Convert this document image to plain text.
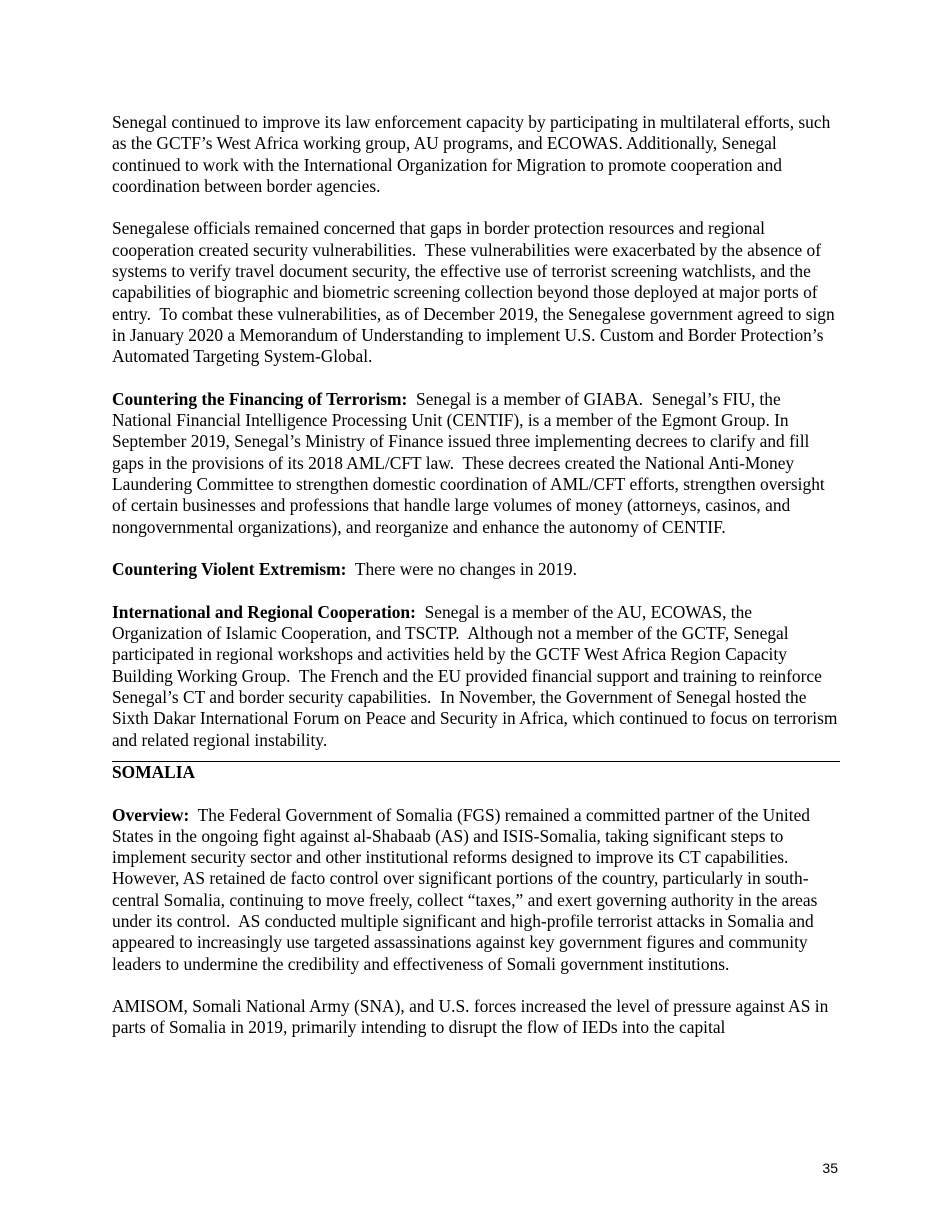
Senegal continued to improve its law enforcement capacity by participating in multilateral efforts, such as the GCTF’s West Africa working group, AU programs, and ECOWAS. Additionally, Senegal continued to work with the International Organization for Migration to promote cooperation and coordination between border agencies.

Senegalese officials remained concerned that gaps in border protection resources and regional cooperation created security vulnerabilities.  These vulnerabilities were exacerbated by the absence of systems to verify travel document security, the effective use of terrorist screening watchlists, and the capabilities of biographic and biometric screening collection beyond those deployed at major ports of entry.  To combat these vulnerabilities, as of December 2019, the Senegalese government agreed to sign in January 2020 a Memorandum of Understanding to implement U.S. Custom and Border Protection’s Automated Targeting System-Global.

Countering the Financing of Terrorism:  Senegal is a member of GIABA.  Senegal’s FIU, the National Financial Intelligence Processing Unit (CENTIF), is a member of the Egmont Group. In September 2019, Senegal’s Ministry of Finance issued three implementing decrees to clarify and fill gaps in the provisions of its 2018 AML/CFT law.  These decrees created the National Anti-Money Laundering Committee to strengthen domestic coordination of AML/CFT efforts, strengthen oversight of certain businesses and professions that handle large volumes of money (attorneys, casinos, and nongovernmental organizations), and reorganize and enhance the autonomy of CENTIF.

Countering Violent Extremism:  There were no changes in 2019.

International and Regional Cooperation:  Senegal is a member of the AU, ECOWAS, the Organization of Islamic Cooperation, and TSCTP.  Although not a member of the GCTF, Senegal participated in regional workshops and activities held by the GCTF West Africa Region Capacity Building Working Group.  The French and the EU provided financial support and training to reinforce Senegal’s CT and border security capabilities.  In November, the Government of Senegal hosted the Sixth Dakar International Forum on Peace and Security in Africa, which continued to focus on terrorism and related regional instability.

SOMALIA

Overview:  The Federal Government of Somalia (FGS) remained a committed partner of the United States in the ongoing fight against al-Shabaab (AS) and ISIS-Somalia, taking significant steps to implement security sector and other institutional reforms designed to improve its CT capabilities.  However, AS retained de facto control over significant portions of the country, particularly in south-central Somalia, continuing to move freely, collect “taxes,” and exert governing authority in the areas under its control.  AS conducted multiple significant and high-profile terrorist attacks in Somalia and appeared to increasingly use targeted assassinations against key government figures and community leaders to undermine the credibility and effectiveness of Somali government institutions.

AMISOM, Somali National Army (SNA), and U.S. forces increased the level of pressure against AS in parts of Somalia in 2019, primarily intending to disrupt the flow of IEDs into the capital

35
